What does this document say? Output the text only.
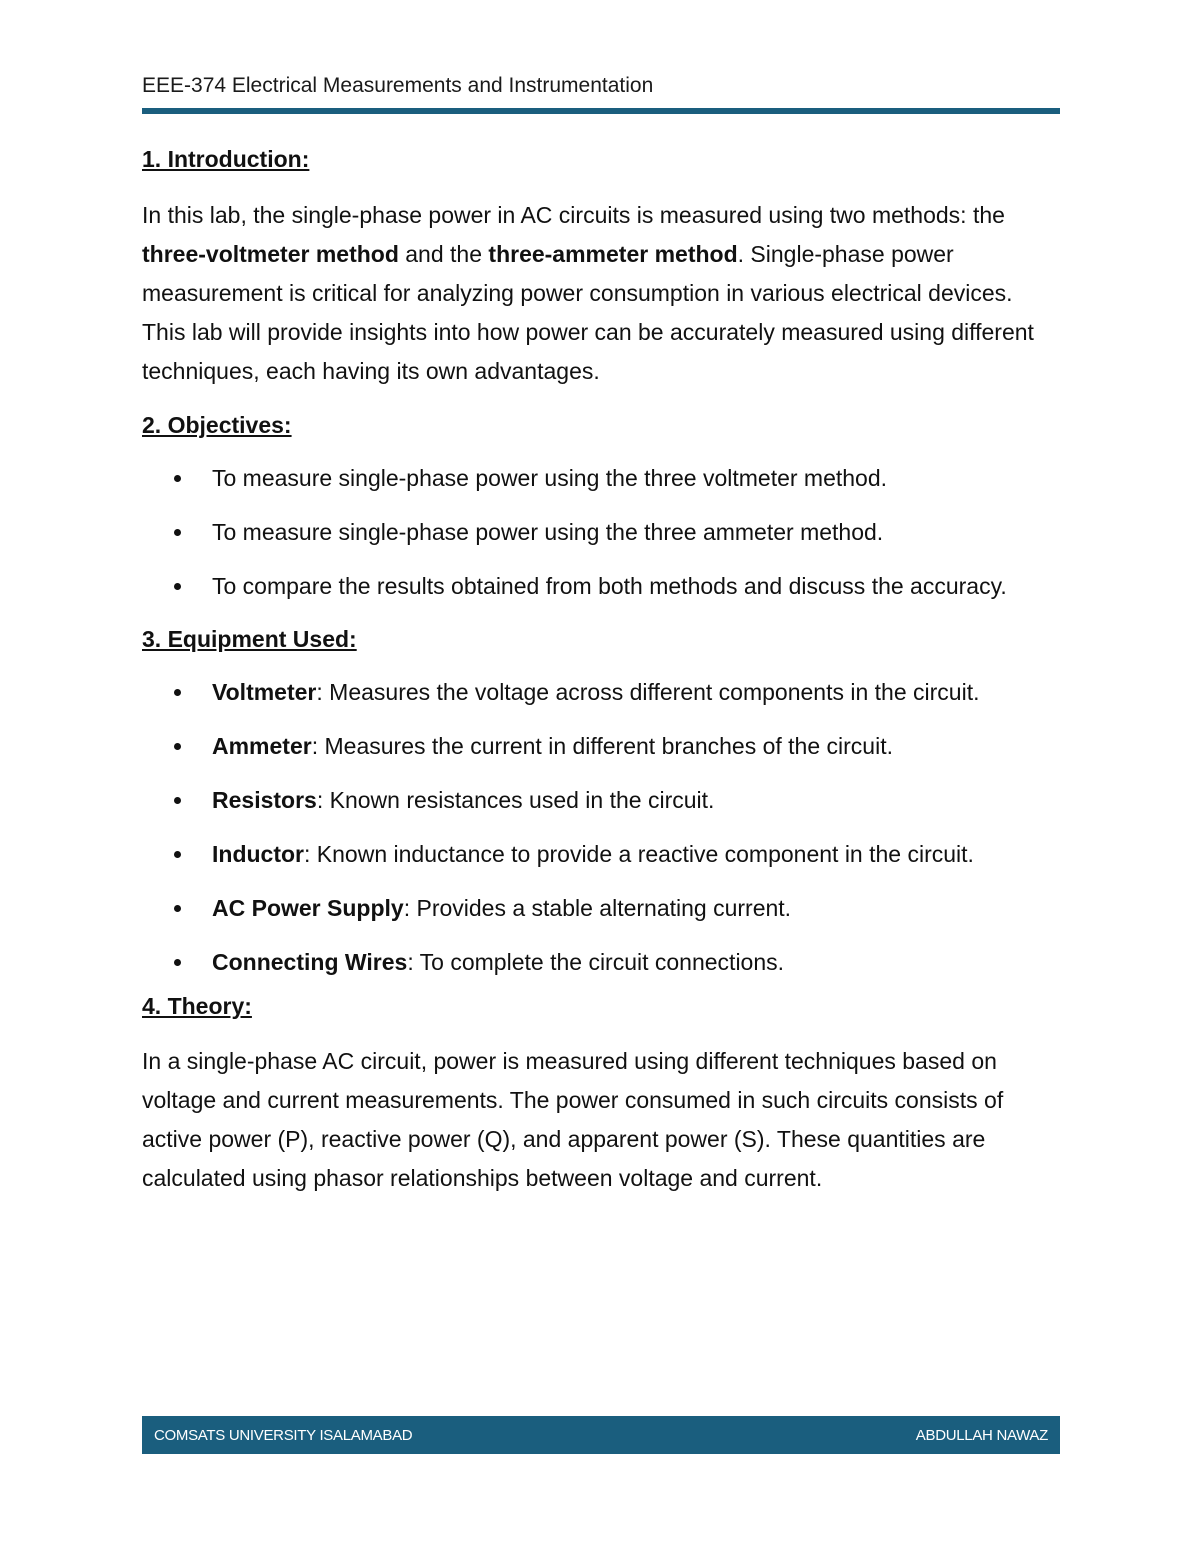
EEE-374 Electrical Measurements and Instrumentation
1. Introduction:

In this lab, the single-phase power in AC circuits is measured using two methods: the three-voltmeter method and the three-ammeter method. Single-phase power measurement is critical for analyzing power consumption in various electrical devices. This lab will provide insights into how power can be accurately measured using different techniques, each having its own advantages.

2. Objectives:
To measure single-phase power using the three voltmeter method.
To measure single-phase power using the three ammeter method.
To compare the results obtained from both methods and discuss the accuracy.
3. Equipment Used:
Voltmeter: Measures the voltage across different components in the circuit.
Ammeter: Measures the current in different branches of the circuit.
Resistors: Known resistances used in the circuit.
Inductor: Known inductance to provide a reactive component in the circuit.
AC Power Supply: Provides a stable alternating current.
Connecting Wires: To complete the circuit connections.
4. Theory:

In a single-phase AC circuit, power is measured using different techniques based on voltage and current measurements. The power consumed in such circuits consists of active power (P), reactive power (Q), and apparent power (S). These quantities are calculated using phasor relationships between voltage and current.

COMSATS UNIVERSITY ISALAMABAD	ABDULLAH NAWAZ
